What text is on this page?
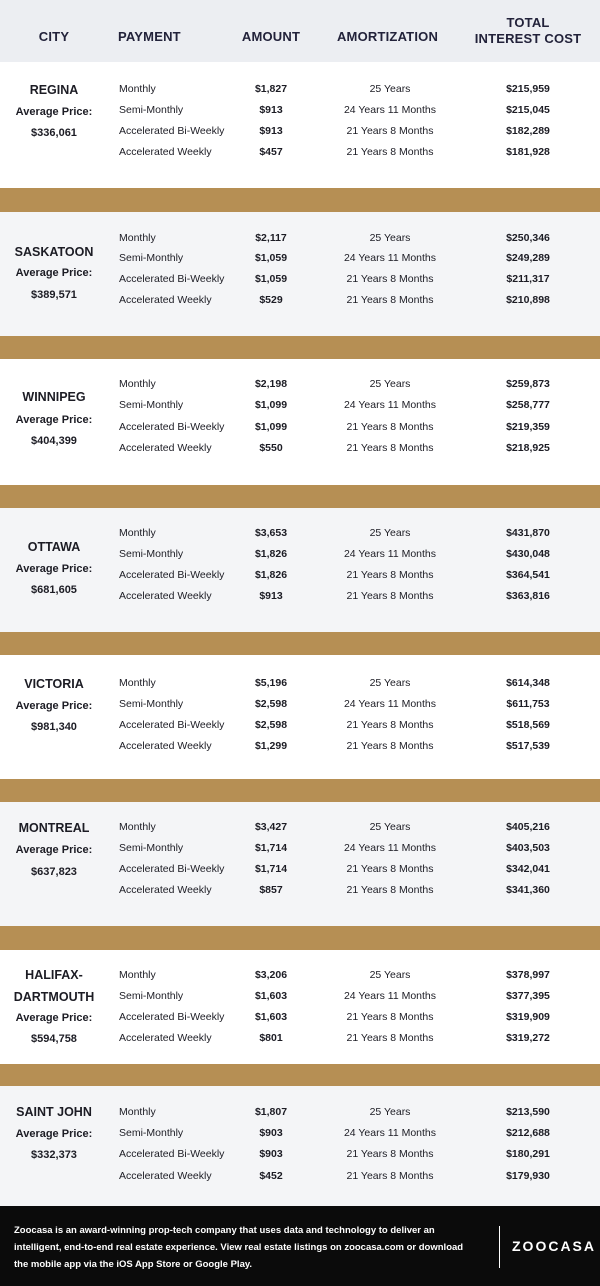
CITY	PAYMENT	AMOUNT	AMORTIZATION
TOTAL
INTEREST COST
REGINA
Average Price:
$336,061
Monthly	$1,827	25 Years	$215,959
Semi-Monthly	$913	24 Years 11 Months	$215,045
Accelerated Bi-Weekly	$913	21 Years 8 Months	$182,289
Accelerated Weekly	$457	21 Years 8 Months	$181,928
SASKATOON
Average Price:
$389,571
Monthly	$2,117	25 Years	$250,346
Semi-Monthly	$1,059	24 Years 11 Months	$249,289
Accelerated Bi-Weekly	$1,059	21 Years 8 Months	$211,317
Accelerated Weekly	$529	21 Years 8 Months	$210,898
WINNIPEG
Average Price:
$404,399
Monthly	$2,198	25 Years	$259,873
Semi-Monthly	$1,099	24 Years 11 Months	$258,777
Accelerated Bi-Weekly	$1,099	21 Years 8 Months	$219,359
Accelerated Weekly	$550	21 Years 8 Months	$218,925
OTTAWA
Average Price:
$681,605
Monthly	$3,653	25 Years	$431,870
Semi-Monthly	$1,826	24 Years 11 Months	$430,048
Accelerated Bi-Weekly	$1,826	21 Years 8 Months	$364,541
Accelerated Weekly	$913	21 Years 8 Months	$363,816
VICTORIA
Average Price:
$981,340
Monthly	$5,196	25 Years	$614,348
Semi-Monthly	$2,598	24 Years 11 Months	$611,753
Accelerated Bi-Weekly	$2,598	21 Years 8 Months	$518,569
Accelerated Weekly	$1,299	21 Years 8 Months	$517,539
MONTREAL
Average Price:
$637,823
Monthly	$3,427	25 Years	$405,216
Semi-Monthly	$1,714	24 Years 11 Months	$403,503
Accelerated Bi-Weekly	$1,714	21 Years 8 Months	$342,041
Accelerated Weekly	$857	21 Years 8 Months	$341,360
HALIFAX-
DARTMOUTH
Average Price:
$594,758
Monthly	$3,206	25 Years	$378,997
Semi-Monthly	$1,603	24 Years 11 Months	$377,395
Accelerated Bi-Weekly	$1,603	21 Years 8 Months	$319,909
Accelerated Weekly	$801	21 Years 8 Months	$319,272
SAINT JOHN
Average Price:
$332,373
Monthly	$1,807	25 Years	$213,590
Semi-Monthly	$903	24 Years 11 Months	$212,688
Accelerated Bi-Weekly	$903	21 Years 8 Months	$180,291
Accelerated Weekly	$452	21 Years 8 Months	$179,930
Zoocasa is an award-winning prop-tech company that uses data and technology to deliver an intelligent, end-to-end real estate experience. View real estate listings on zoocasa.com or download the mobile app via the iOS App Store or Google Play.
ZOOCASA
